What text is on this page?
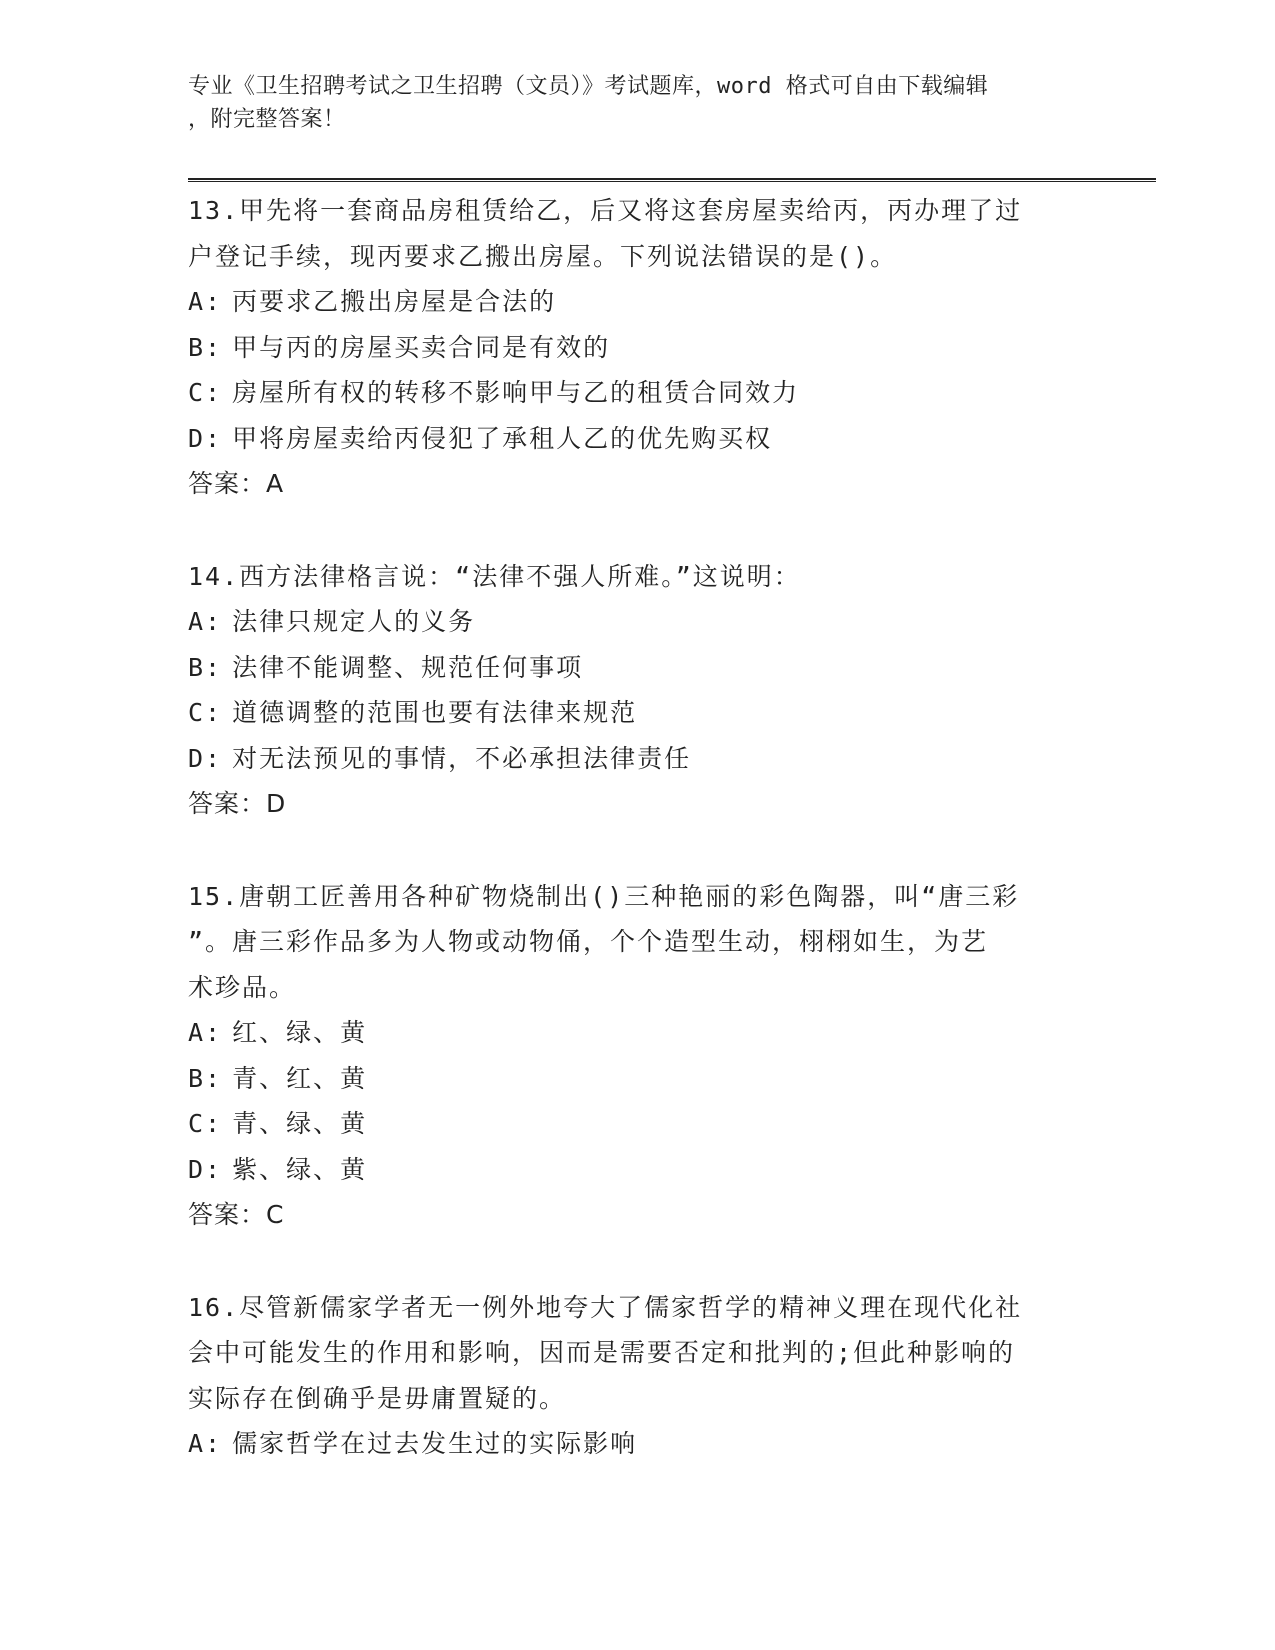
专业《卫生招聘考试之卫生招聘（文员）》考试题库，word 格式可自由下载编辑
，附完整答案！
13.甲先将一套商品房租赁给乙，后又将这套房屋卖给丙，丙办理了过
户登记手续，现丙要求乙搬出房屋。下列说法错误的是()。
A: 丙要求乙搬出房屋是合法的
B: 甲与丙的房屋买卖合同是有效的
C: 房屋所有权的转移不影响甲与乙的租赁合同效力
D: 甲将房屋卖给丙侵犯了承租人乙的优先购买权
答案：A
14.西方法律格言说：“法律不强人所难。”这说明：
A: 法律只规定人的义务
B: 法律不能调整、规范任何事项
C: 道德调整的范围也要有法律来规范
D: 对无法预见的事情，不必承担法律责任
答案：D
15.唐朝工匠善用各种矿物烧制出()三种艳丽的彩色陶器，叫“唐三彩
”。唐三彩作品多为人物或动物俑，个个造型生动，栩栩如生，为艺
术珍品。
A: 红、绿、黄
B: 青、红、黄
C: 青、绿、黄
D: 紫、绿、黄
答案：C
16.尽管新儒家学者无一例外地夸大了儒家哲学的精神义理在现代化社
会中可能发生的作用和影响，因而是需要否定和批判的;但此种影响的
实际存在倒确乎是毋庸置疑的。
A: 儒家哲学在过去发生过的实际影响
